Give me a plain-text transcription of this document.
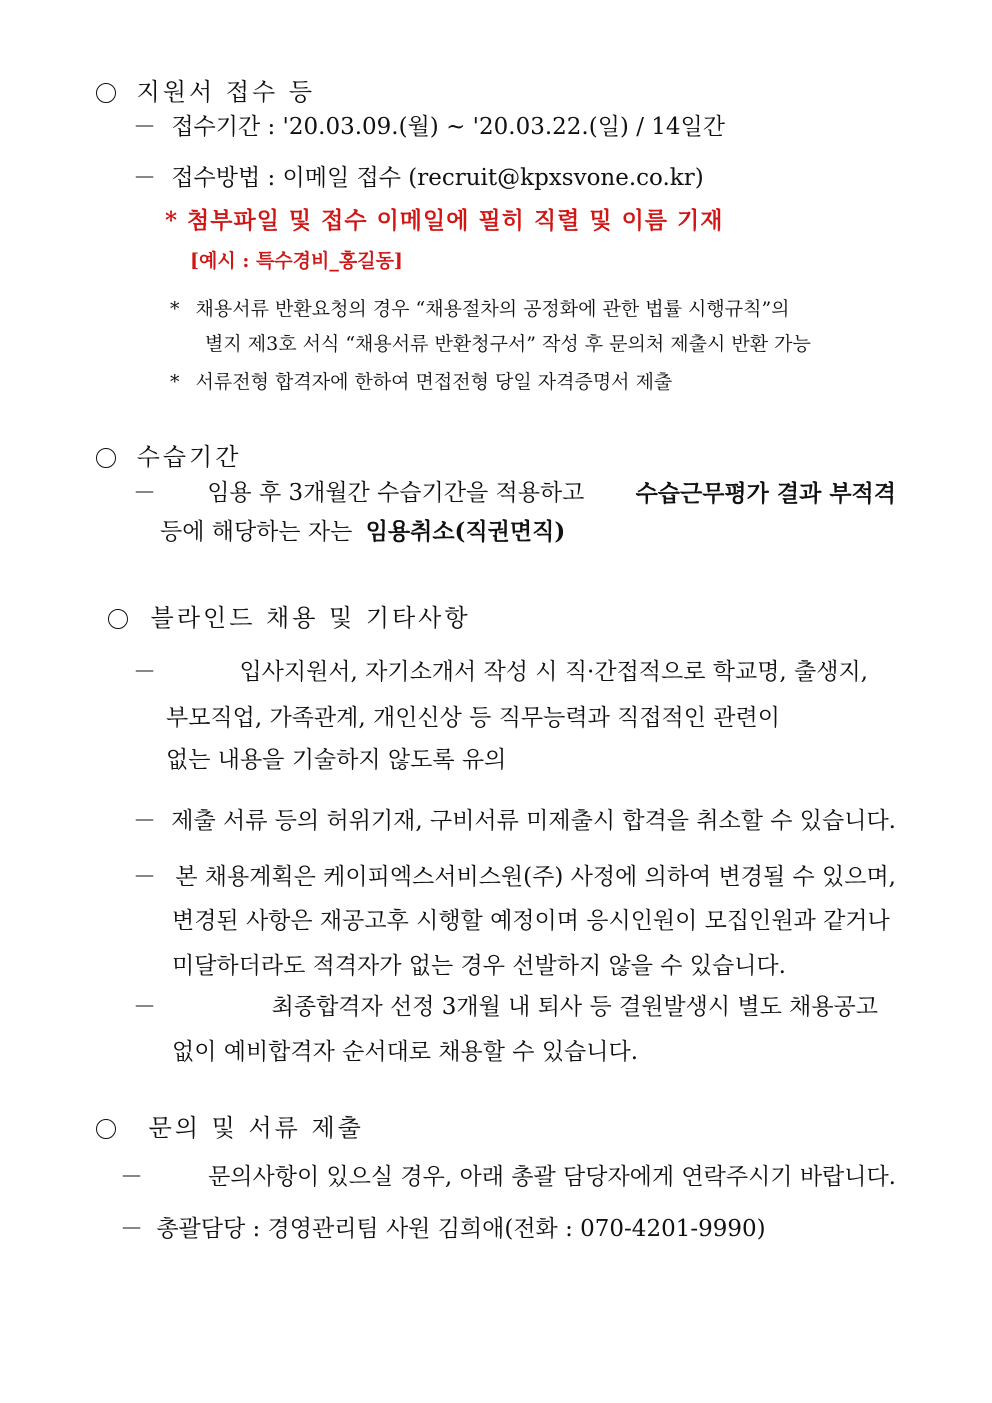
지원서 접수 등
－ 접수기간 : '20.03.09.(월) ~ '20.03.22.(일) / 14일간
－ 접수방법 : 이메일 접수 (recruit@kpxsvone.co.kr)
* 첨부파일 및 접수 이메일에 필히 직렬 및 이름 기재
[예시 : 특수경비_홍길동]
* 채용서류 반환요청의 경우 “채용절차의 공정화에 관한 법률 시행규칙”의
별지 제3호 서식 “채용서류 반환청구서” 작성 후 문의처 제출시 반환 가능
* 서류전형 합격자에 한하여 면접전형 당일 자격증명서 제출
수습기간
－ 임용 후 3개월간 수습기간을 적용하고 수습근무평가 결과 부적격
등에 해당하는 자는 임용취소(직권면직)
블라인드 채용 및 기타사항
－	입사지원서, 자기소개서 작성 시 직·간접적으로 학교명, 출생지,
부모직업, 가족관계, 개인신상 등 직무능력과 직접적인 관련이
없는 내용을 기술하지 않도록 유의
－ 제출 서류 등의 허위기재, 구비서류 미제출시 합격을 취소할 수 있습니다.
－ 본 채용계획은 케이피엑스서비스원(주) 사정에 의하여 변경될 수 있으며,
변경된 사항은 재공고후 시행할 예정이며 응시인원이 모집인원과 같거나
미달하더라도 적격자가 없는 경우 선발하지 않을 수 있습니다.
－	최종합격자 선정 3개월 내 퇴사 등 결원발생시 별도 채용공고
없이 예비합격자 순서대로 채용할 수 있습니다.
문의 및 서류 제출
－	문의사항이 있으실 경우, 아래 총괄 담당자에게 연락주시기 바랍니다.
－ 총괄담당 : 경영관리팀 사원 김희애(전화 : 070-4201-9990)
